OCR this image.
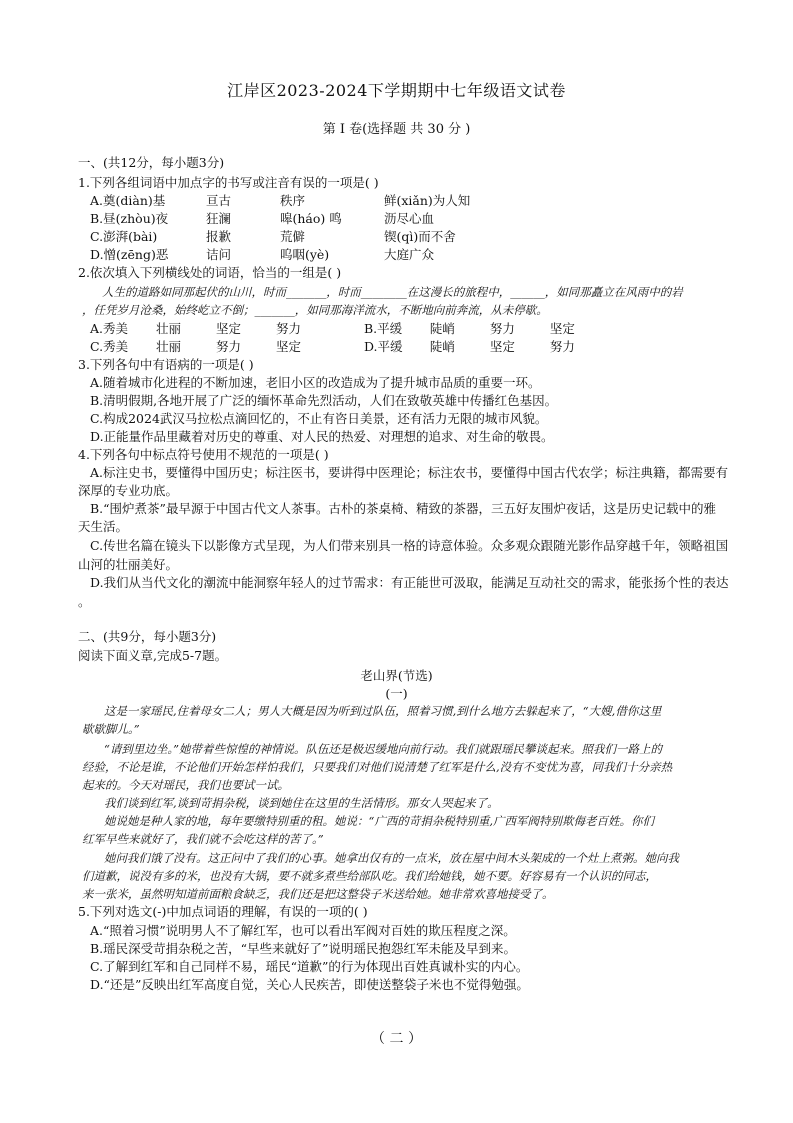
江岸区2023-2024下学期期中七年级语文试卷
第 I 卷(选择题 共 30 分 )
一、(共12分，每小题3分)
1.下列各组词语中加点字的书写或注音有误的一项是( )
A.奠(diàn)基	亘古	秩序	鲜(xiǎn)为人知
B.昼(zhòu)夜	狂澜	嗥(háo) 鸣	沥尽心血
C.澎湃(bài)	报歉	荒僻	锲(qì)而不舍
D.憎(zēng)恶	诘问	呜咽(yè)	大庭广众
2.依次填入下列横线处的词语，恰当的一组是( )
人生的道路如同那起伏的山川，时而_______，时而________在这漫长的旅程中，______，如同那矗立在风雨中的岩
，任凭岁月沧桑，始终屹立不倒；_______，如同那海洋流水，不断地向前奔流，从未停歇。
A.秀美 壮丽	坚定	努力	B.平缓 陡峭	努力	坚定
C.秀美 壮丽	努力	坚定	D.平缓 陡峭	坚定	努力
3.下列各句中有语病的一项是( )
A.随着城市化进程的不断加速，老旧小区的改造成为了提升城市品质的重要一环。
B.清明假期,各地开展了广泛的缅怀革命先烈活动，人们在致敬英雄中传播红色基因。
C.构成2024武汉马拉松点滴回忆的，不止有咨日美景，还有活力无限的城市风貌。
D.正能量作品里藏着对历史的尊重、对人民的热爱、对理想的追求、对生命的敬畏。
4.下列各句中标点符号使用不规范的一项是( )
A.标注史书，要懂得中国历史；标注医书，要讲得中医理论；标注农书，要懂得中国古代农学；标注典籍，都需要有
深厚的专业功底。
B.“围炉煮茶”最早源于中国古代文人茶事。古朴的茶桌椅、精致的茶器，三五好友围炉夜话，这是历史记载中的雅
天生活。
C.传世名篇在镜头下以影像方式呈现，为人们带来别具一格的诗意体验。众多观众跟随光影作品穿越千年，领略祖国
山河的壮丽美好。
D.我们从当代文化的潮流中能洞察年轻人的过节需求：有正能世可汲取，能满足互动社交的需求，能张扬个性的表达
。
二、(共9分，每小题3分)
阅读下面义章,完成5-7题。
老山界(节选)
(一)
这是一家瑶民,住着母女二人；男人大概是因为听到过队伍，照着习惯,到什么地方去躲起来了，“大嫂,借你这里
歇歇脚儿。”
“请到里边坐。”她带着些惊惶的神情说。队伍还是极迟缓地向前行动。我们就跟瑶民攀谈起来。照我们一路上的
经验，不论是谁，不论他们开始怎样怕我们，只要我们对他们说清楚了红军是什么,没有不变忧为喜，同我们十分亲热
起来的。今天对瑶民，我们也要试一试。
我们谈到红军,谈到苛捐杂税，谈到她住在这里的生活情形。那女人哭起来了。
她说她是种人家的地，每年要缴特别重的租。她说：“广西的苛捐杂税特别重,广西军阀特别欺侮老百姓。你们
红军早些来就好了，我们就不会吃这样的苦了。”
她问我们饿了没有。这正问中了我们的心事。她拿出仅有的一点米，放在屋中间木头架成的一个灶上煮粥。她向我
们道歉，说没有多的米，也没有大锅，要不就多煮些给部队吃。我们给她钱，她不要。好容易有一个认识的同志，
来一张米，虽然明知道前面粮食缺乏，我们还是把这整袋子米送给她。她非常欢喜地接受了。
5.下列对选文(-)中加点词语的理解，有误的一项的( )
A.“照着习惯”说明男人不了解红军，也可以看出军阀对百姓的欺压程度之深。
B.瑶民深受苛捐杂税之苦，“早些来就好了”说明瑶民抱怨红军未能及早到来。
C.了解到红军和自己同样不易，瑶民“道歉”的行为体现出百姓真诚朴实的内心。
D.“还是”反映出红军高度自觉，关心人民疾苦，即使送整袋子米也不觉得勉强。
（ 二 ）
